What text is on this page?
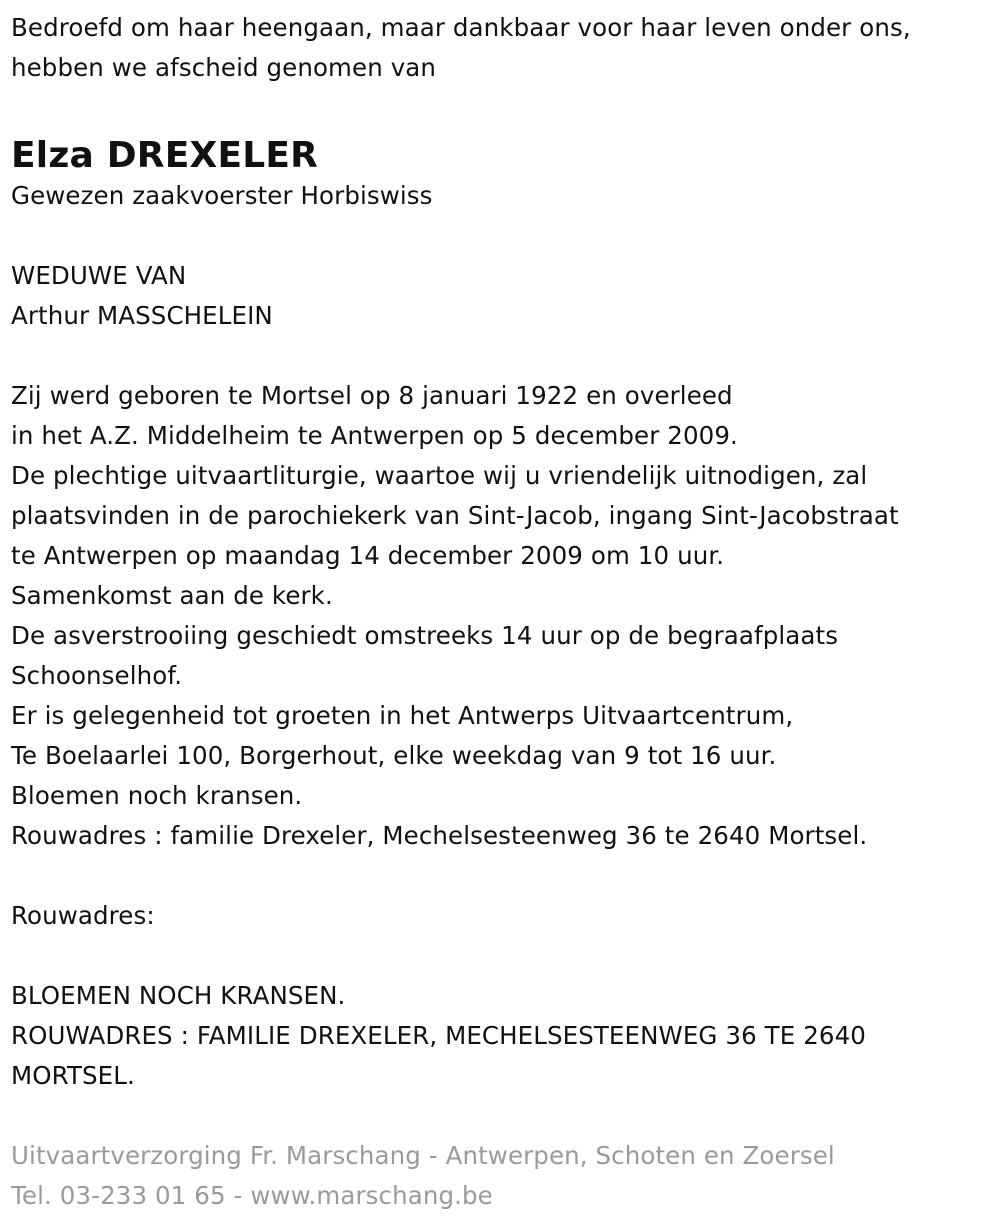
Bedroefd om haar heengaan, maar dankbaar voor haar leven onder ons,
hebben we afscheid genomen van
Elza DREXELER
Gewezen zaakvoerster Horbiswiss
WEDUWE VAN
Arthur MASSCHELEIN
Zij werd geboren te Mortsel op 8 januari 1922 en overleed
in het A.Z. Middelheim te Antwerpen op 5 december 2009.
De plechtige uitvaartliturgie, waartoe wij u vriendelijk uitnodigen, zal
plaatsvinden in de parochiekerk van Sint-Jacob, ingang Sint-Jacobstraat
te Antwerpen op maandag 14 december 2009 om 10 uur.
Samenkomst aan de kerk.
De asverstrooiing geschiedt omstreeks 14 uur op de begraafplaats
Schoonselhof.
Er is gelegenheid tot groeten in het Antwerps Uitvaartcentrum,
Te Boelaarlei 100, Borgerhout, elke weekdag van 9 tot 16 uur.
Bloemen noch kransen.
Rouwadres : familie Drexeler, Mechelsesteenweg 36 te 2640 Mortsel.
Rouwadres:
BLOEMEN NOCH KRANSEN.
ROUWADRES : FAMILIE DREXELER, MECHELSESTEENWEG 36 TE 2640
MORTSEL.
Uitvaartverzorging Fr. Marschang - Antwerpen, Schoten en Zoersel
Tel. 03-233 01 65 - www.marschang.be
